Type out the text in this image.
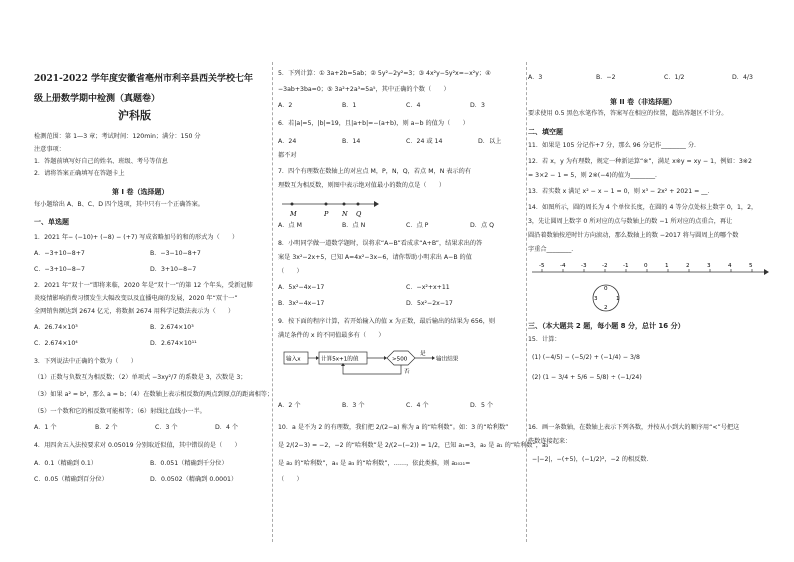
2021-2022 学年度安徽省亳州市利辛县西关学校七年
级上册数学期中检测（真题卷）
沪科版
检测范围：第 1—3 章；考试时间：120min；满分：150 分
注意事项：
1．答题前填写好自己的姓名、班级、考号等信息
2．请将答案正确填写在答题卡上
第 I 卷（选择题）
每小题给出 A、B、C、D 四个选项，其中只有一个正确答案。
一、单选题
1．2021 年− (−10)+ (−8) − (+7) 写成省略加号的和的形式为（　　）
A．−3+10−8+7	B．−3−10−8+7
C．−3+10−8−7	D．3+10−8−7
2．2021 年“双十一”即将来临，2020 年是“双十一”的第 12 个年头，受新冠肺
炎疫情影响消费习惯发生大幅改变以及直播电商的发展，2020 年“双十一”
全网销售额达到 2674 亿元，将数据 2674 用科学记数法表示为（　　）
A．26.74×10³	B．2.674×10³
C．2.674×10⁴	D．2.674×10¹¹
3．下列说法中正确的个数为（　　）
（1）正数与负数互为相反数；（2）单项式 −3xy²/7 的系数是 3，次数是 3；
（3）如果 a² = b²，那么 a = b；（4）在数轴上表示相反数的两点到原点的距离相等；
（5）一个数和它的相反数可能相等；（6）射线比直线小一半。
A．1 个	B．2 个	C．3 个	D．4 个
4．用四舍五入法按要求对 0.05019 分别取近似值，其中错误的是（　　）
A．0.1（精确到 0.1）	B．0.051（精确到千分位）
C．0.05（精确到百分位）	D．0.0502（精确到 0.0001）
5．下列计算：① 3a+2b=5ab；② 5y²−2y²=3；③ 4x²y−5y²x=−x²y；④
−3ab+3ba=0；⑤ 3a²+2a³=5a⁵，其中正确的个数（　　）
A．2	B．1	C．4	D．3
6．若|a|=5，|b|=19，且|a+b|=−(a+b)，则 a−b 的值为（　　）
A．24	B．14	C．24 或 14	D．以上
都不对
7．四个有理数在数轴上的对应点 M，P，N，Q，若点 M，N 表示的有
理数互为相反数，则图中表示绝对值最小的数的点是（　　）
M	P N Q
A．点 M	B．点 N	C．点 P	D．点 Q
8．小明同学做一道数学题时，误将求“A−B”看成求“A+B”，结果求出的答
案是 3x²−2x+5，已知 A=4x²−3x−6，请你帮助小明求出 A−B 的值
（　　）
A．5x²−4x−17	C．−x²+x+11
B．3x²−4x−17	D．5x²−2x−17
9．按下面的程序计算，若开始输入的值 x 为正数，最后输出的结果为 656，则
满足条件的 x 的不同值最多有（　　）
输入x	计算5x+1的值	>500
是
输出结果
否
A．2 个	B．3 个	C．4 个	D．5 个
10．a 是不为 2 的有理数，我们把 2/(2−a) 称为 a 的“哈利数”。如：3 的“哈利数”
是 2/(2−3) = −2，−2 的“哈利数”是 2/(2−(−2)) = 1/2，已知 a₁=3，a₂ 是 a₁ 的“哈利数”，a₃
是 a₂ 的“哈利数”，a₄ 是 a₃ 的“哈利数”，……，依此类推，则 a₂₀₂₁=
（　　）
A．3	B．−2	C．1/2	D．4/3
第 II 卷（非选择题）
要求使用 0.5 黑色水笔作答，答案写在相应的位置，超出答题区不计分。
二、填空题
11．如果是 105 分记作+7 分，那么 96 分记作________ 分．
12．若 x，y 为有理数，规定一种新运算“※”，满足 x※y = xy − 1，例如：3※2
= 3×2 − 1 = 5，则 2※(−4)的值为________．
13．若实数 x 满足 x² − x − 1 = 0，则 x³ − 2x² + 2021 = __．
14．如图所示，圆的周长为 4 个单位长度，在圆的 4 等分点处标上数字 0，1，2，
3，先让圆周上数字 0 所对应的点与数轴上的数 −1 所对应的点重合，再让
圆沿着数轴按逆时针方向滚动，那么数轴上的数 −2017 将与圆周上的哪个数
字重合________．
-5	-4	-3	-2	-1	0	1	2	3	4	5
0
1
2
3
三、（本大题共 2 题，每小题 8 分，总计 16 分）
15．计算：
(1) (−4/5) − (−5/2) + (−1/4) − 3/8
(2) (1 − 3/4 + 5/6 − 5/8) ÷ (−1/24)
16．画一条数轴，在数轴上表示下列各数，并按从小到大的顺序用“<”号把这
些数连接起来：
−|−2|，−(+5)，(−1/2)²，−2 的相反数．
